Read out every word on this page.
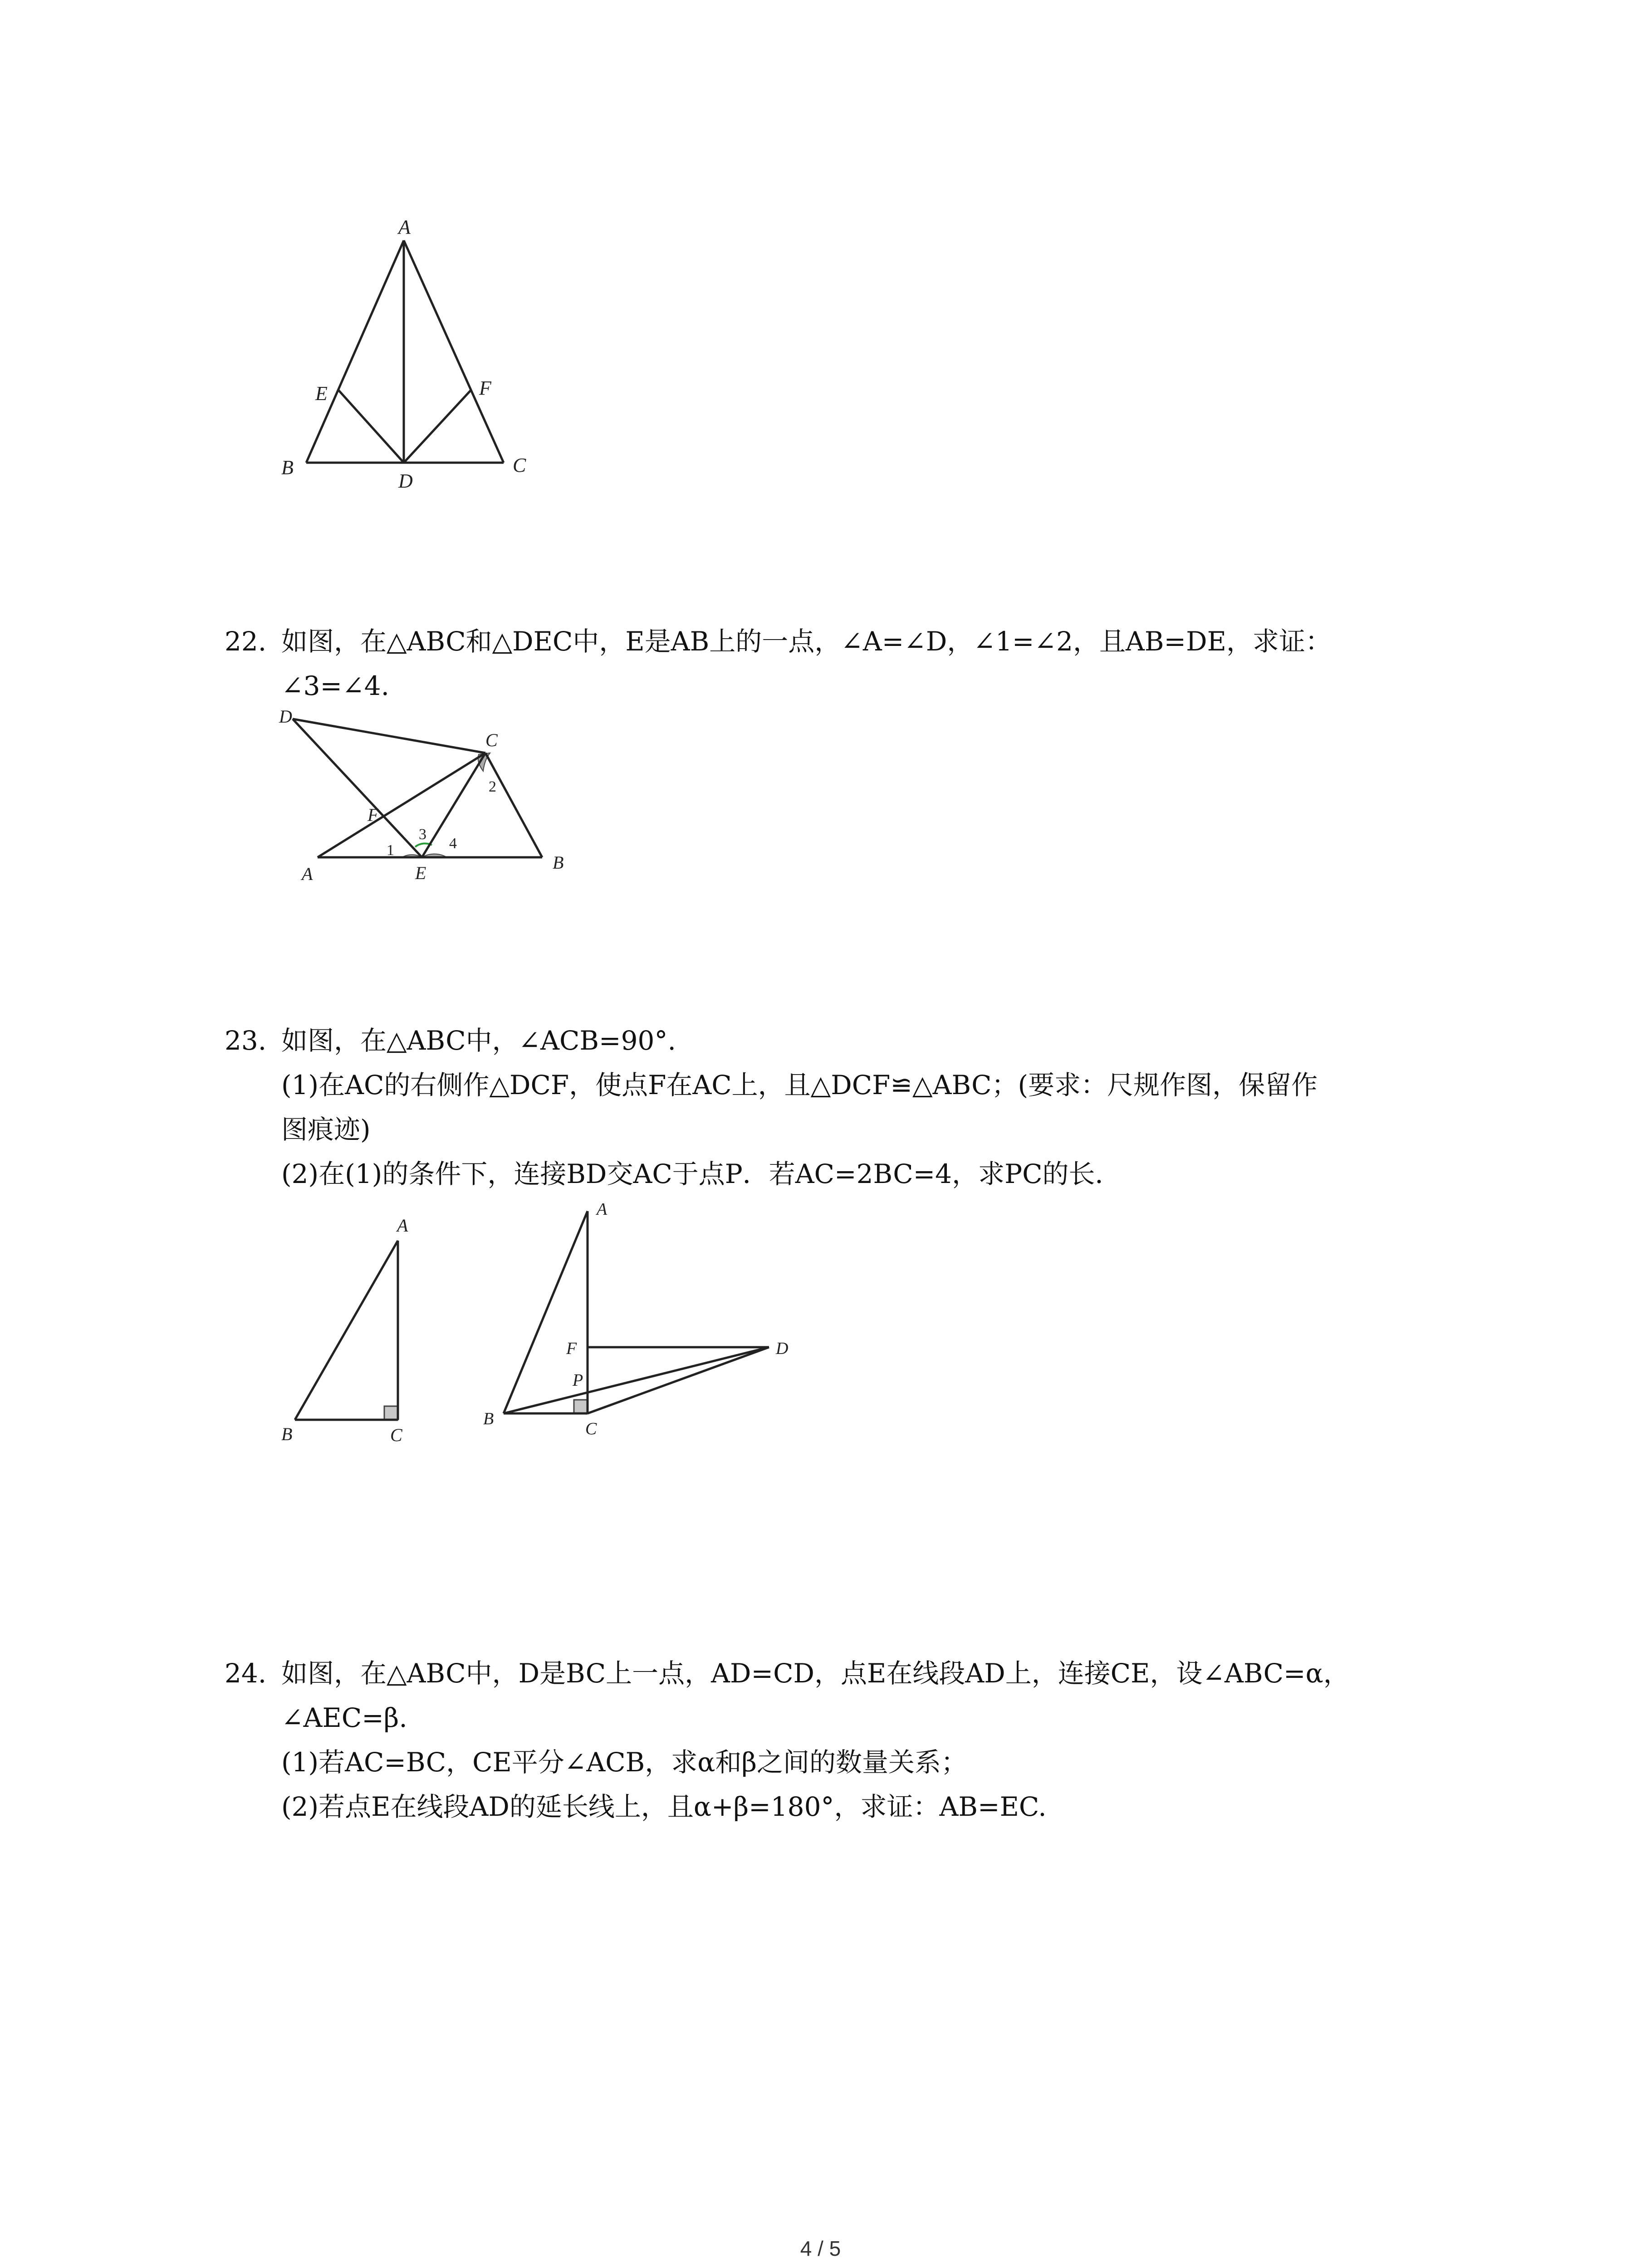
A
B	C
D
E	F

22. 如图，在△ABC和△DEC中，E是AB上的一点，∠A=∠D，∠1=∠2，且AB=DE，求证：

∠3=∠4.

D
C
F
A	E
B
1
2
3
4

23. 如图，在△ABC中，∠ACB=90°.

(1)在AC的右侧作△DCF，使点F在AC上，且△DCF≌△ABC；(要求：尺规作图，保留作

图痕迹)

(2)在(1)的条件下，连接BD交AC于点P．若AC=2BC=4，求PC的长．

A
B	C
A
F
P
D
B
C

24. 如图，在△ABC中，D是BC上一点，AD=CD，点E在线段AD上，连接CE，设∠ABC=α，

∠AEC=β.

(1)若AC=BC，CE平分∠ACB，求α和β之间的数量关系；

(2)若点E在线段AD的延长线上，且α+β=180°，求证：AB=EC.

4 / 5
